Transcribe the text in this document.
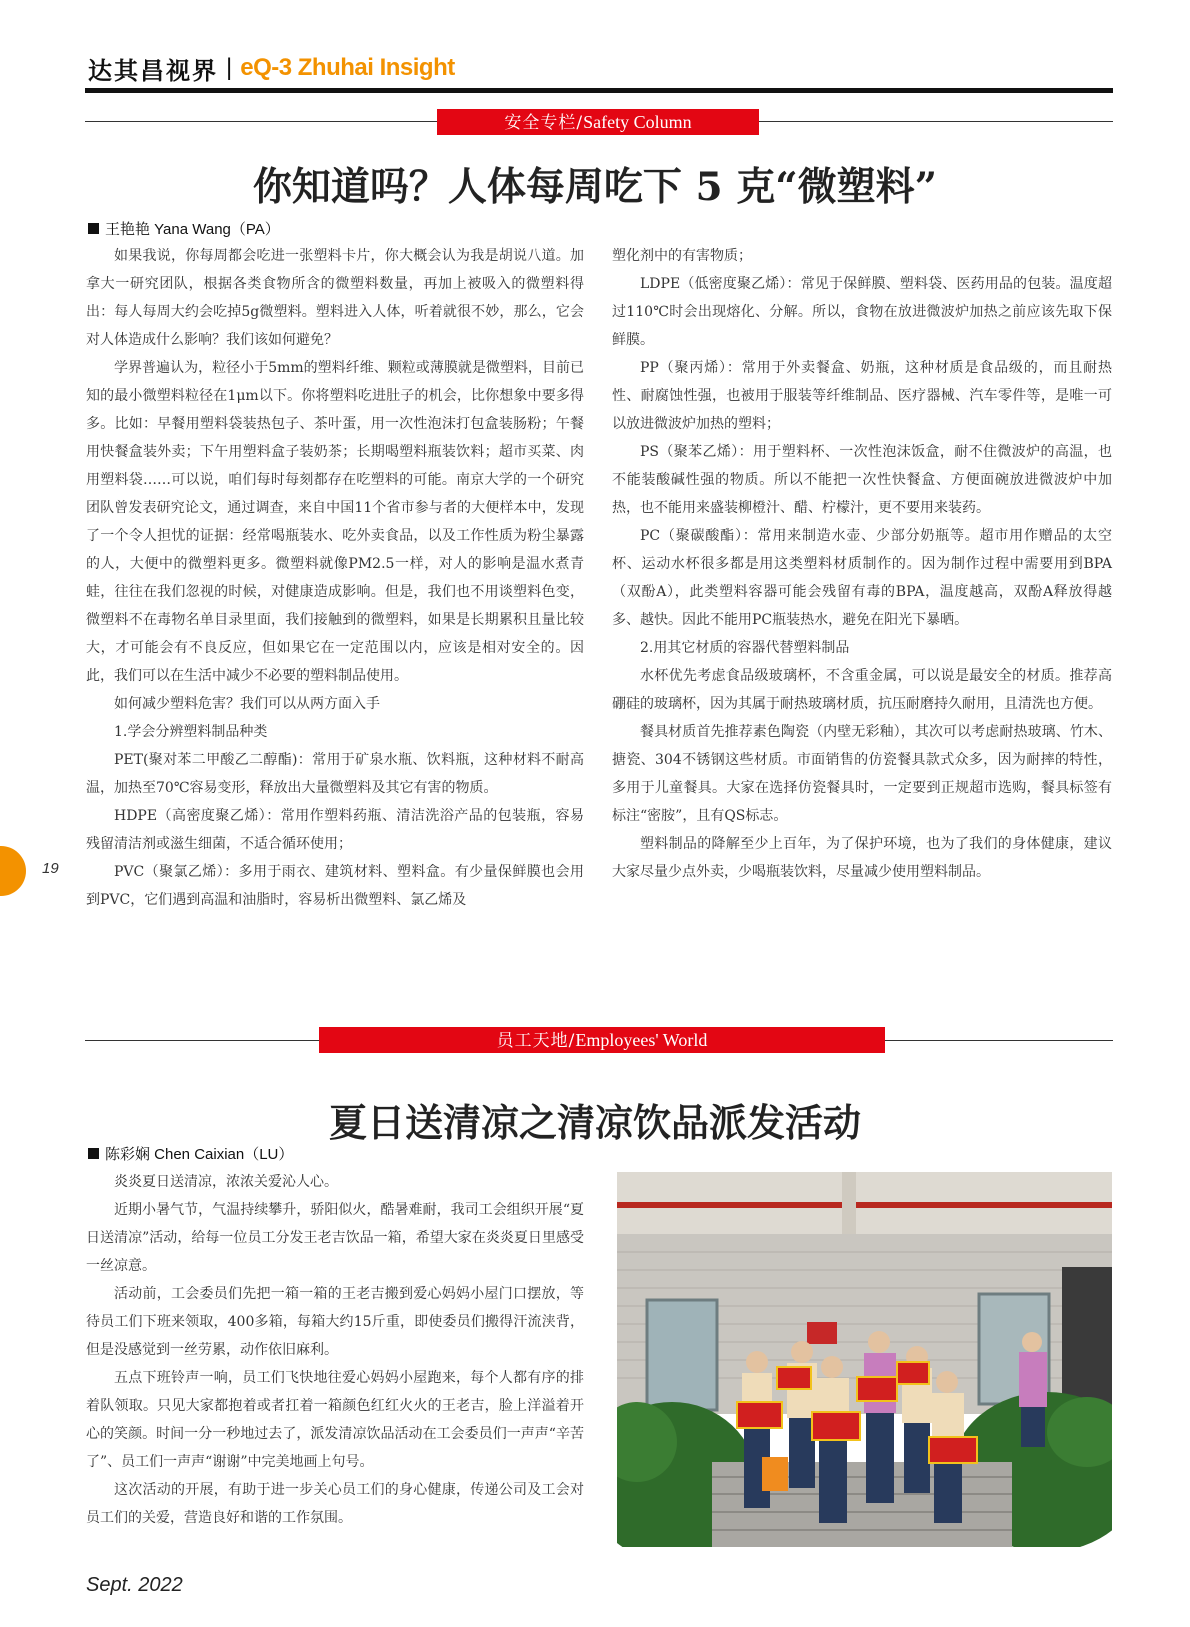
达其昌视界 | eQ-3 Zhuhai Insight
安全专栏/Safety Column
你知道吗？人体每周吃下 5 克“微塑料”
王艳艳 Yana Wang（PA）

如果我说，你每周都会吃进一张塑料卡片，你大概会认为我是胡说八道。加拿大一研究团队，根据各类食物所含的微塑料数量，再加上被吸入的微塑料得出：每人每周大约会吃掉5g微塑料。塑料进入人体，听着就很不妙，那么，它会对人体造成什么影响？我们该如何避免？

学界普遍认为，粒径小于5mm的塑料纤维、颗粒或薄膜就是微塑料，目前已知的最小微塑料粒径在1μm以下。你将塑料吃进肚子的机会，比你想象中要多得多。比如：早餐用塑料袋装热包子、茶叶蛋，用一次性泡沫打包盒装肠粉；午餐用快餐盒装外卖；下午用塑料盒子装奶茶；长期喝塑料瓶装饮料；超市买菜、肉用塑料袋……可以说，咱们每时每刻都存在吃塑料的可能。南京大学的一个研究团队曾发表研究论文，通过调查，来自中国11个省市参与者的大便样本中，发现了一个令人担忧的证据：经常喝瓶装水、吃外卖食品，以及工作性质为粉尘暴露的人，大便中的微塑料更多。微塑料就像PM2.5一样，对人的影响是温水煮青蛙，往往在我们忽视的时候，对健康造成影响。但是，我们也不用谈塑料色变，微塑料不在毒物名单目录里面，我们接触到的微塑料，如果是长期累积且量比较大，才可能会有不良反应，但如果它在一定范围以内，应该是相对安全的。因此，我们可以在生活中减少不必要的塑料制品使用。

如何减少塑料危害？我们可以从两方面入手

1.学会分辨塑料制品种类

PET(聚对苯二甲酸乙二醇酯)：常用于矿泉水瓶、饮料瓶，这种材料不耐高温，加热至70℃容易变形，释放出大量微塑料及其它有害的物质。

HDPE（高密度聚乙烯）：常用作塑料药瓶、清洁洗浴产品的包装瓶，容易残留清洁剂或滋生细菌，不适合循环使用；

PVC（聚氯乙烯）：多用于雨衣、建筑材料、塑料盒。有少量保鲜膜也会用到PVC，它们遇到高温和油脂时，容易析出微塑料、氯乙烯及

塑化剂中的有害物质；

LDPE（低密度聚乙烯）：常见于保鲜膜、塑料袋、医药用品的包装。温度超过110℃时会出现熔化、分解。所以，食物在放进微波炉加热之前应该先取下保鲜膜。

PP（聚丙烯）：常用于外卖餐盒、奶瓶，这种材质是食品级的，而且耐热性、耐腐蚀性强，也被用于服装等纤维制品、医疗器械、汽车零件等，是唯一可以放进微波炉加热的塑料；

PS（聚苯乙烯）：用于塑料杯、一次性泡沫饭盒，耐不住微波炉的高温，也不能装酸碱性强的物质。所以不能把一次性快餐盒、方便面碗放进微波炉中加热，也不能用来盛装柳橙汁、醋、柠檬汁，更不要用来装药。

PC（聚碳酸酯）：常用来制造水壶、少部分奶瓶等。超市用作赠品的太空杯、运动水杯很多都是用这类塑料材质制作的。因为制作过程中需要用到BPA（双酚A），此类塑料容器可能会残留有毒的BPA，温度越高，双酚A释放得越多、越快。因此不能用PC瓶装热水，避免在阳光下暴晒。

2.用其它材质的容器代替塑料制品

水杯优先考虑食品级玻璃杯，不含重金属，可以说是最安全的材质。推荐高硼硅的玻璃杯，因为其属于耐热玻璃材质，抗压耐磨持久耐用，且清洗也方便。

餐具材质首先推荐素色陶瓷（内壁无彩釉），其次可以考虑耐热玻璃、竹木、搪瓷、304不锈钢这些材质。市面销售的仿瓷餐具款式众多，因为耐摔的特性，多用于儿童餐具。大家在选择仿瓷餐具时，一定要到正规超市选购，餐具标签有标注“密胺”，且有QS标志。

塑料制品的降解至少上百年，为了保护环境，也为了我们的身体健康，建议大家尽量少点外卖，少喝瓶装饮料，尽量减少使用塑料制品。

19
员工天地/Employees' World
夏日送清凉之清凉饮品派发活动
陈彩娴 Chen Caixian（LU）

炎炎夏日送清凉，浓浓关爱沁人心。

近期小暑气节，气温持续攀升，骄阳似火，酷暑难耐，我司工会组织开展“夏日送清凉”活动，给每一位员工分发王老吉饮品一箱，希望大家在炎炎夏日里感受一丝凉意。

活动前，工会委员们先把一箱一箱的王老吉搬到爱心妈妈小屋门口摆放，等待员工们下班来领取，400多箱，每箱大约15斤重，即使委员们搬得汗流浃背，但是没感觉到一丝劳累，动作依旧麻利。

五点下班铃声一响，员工们飞快地往爱心妈妈小屋跑来，每个人都有序的排着队领取。只见大家都抱着或者扛着一箱颜色红红火火的王老吉，脸上洋溢着开心的笑颜。时间一分一秒地过去了，派发清凉饮品活动在工会委员们一声声“辛苦了”、员工们一声声“谢谢”中完美地画上句号。

这次活动的开展，有助于进一步关心员工们的身心健康，传递公司及工会对员工们的关爱，营造良好和谐的工作氛围。

Sept. 2022
